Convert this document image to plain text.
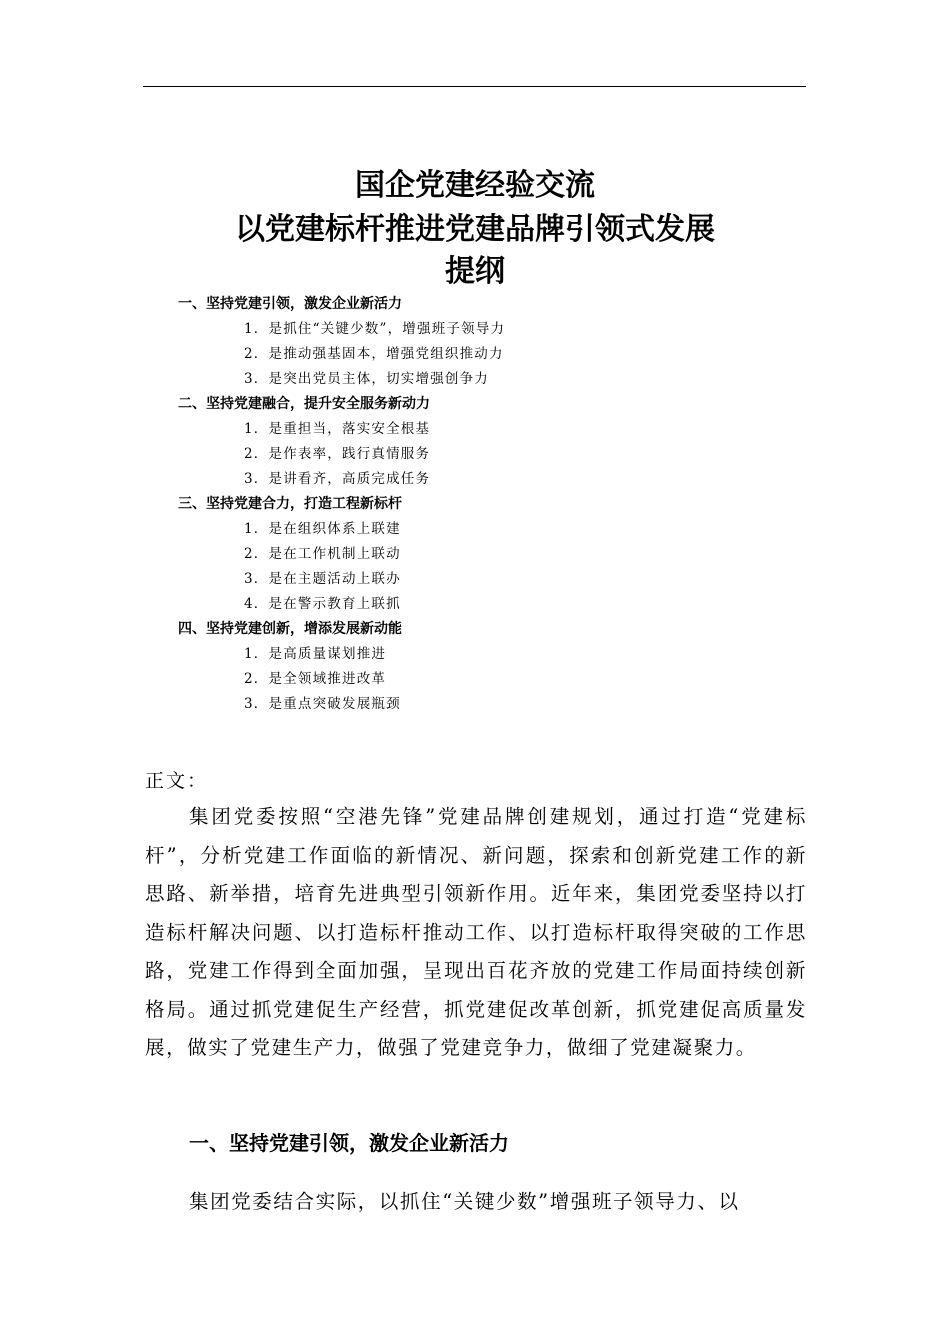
国企党建经验交流
以党建标杆推进党建品牌引领式发展
提纲
一、坚持党建引领，激发企业新活力
1．是抓住“关键少数”，增强班子领导力
2．是推动强基固本，增强党组织推动力
3．是突出党员主体，切实增强创争力
二、坚持党建融合，提升安全服务新动力
1．是重担当，落实安全根基
2．是作表率，践行真情服务
3．是讲看齐，高质完成任务
三、坚持党建合力，打造工程新标杆
1．是在组织体系上联建
2．是在工作机制上联动
3．是在主题活动上联办
4．是在警示教育上联抓
四、坚持党建创新，增添发展新动能
1．是高质量谋划推进
2．是全领域推进改革
3．是重点突破发展瓶颈
正文：

集团党委按照“空港先锋”党建品牌创建规划，通过打造“党建标杆”，分析党建工作面临的新情况、新问题，探索和创新党建工作的新思路、新举措，培育先进典型引领新作用。近年来，集团党委坚持以打造标杆解决问题、以打造标杆推动工作、以打造标杆取得突破的工作思路，党建工作得到全面加强，呈现出百花齐放的党建工作局面持续创新格局。通过抓党建促生产经营，抓党建促改革创新，抓党建促高质量发展，做实了党建生产力，做强了党建竞争力，做细了党建凝聚力。

一、坚持党建引领，激发企业新活力

集团党委结合实际，以抓住“关键少数”增强班子领导力、以
